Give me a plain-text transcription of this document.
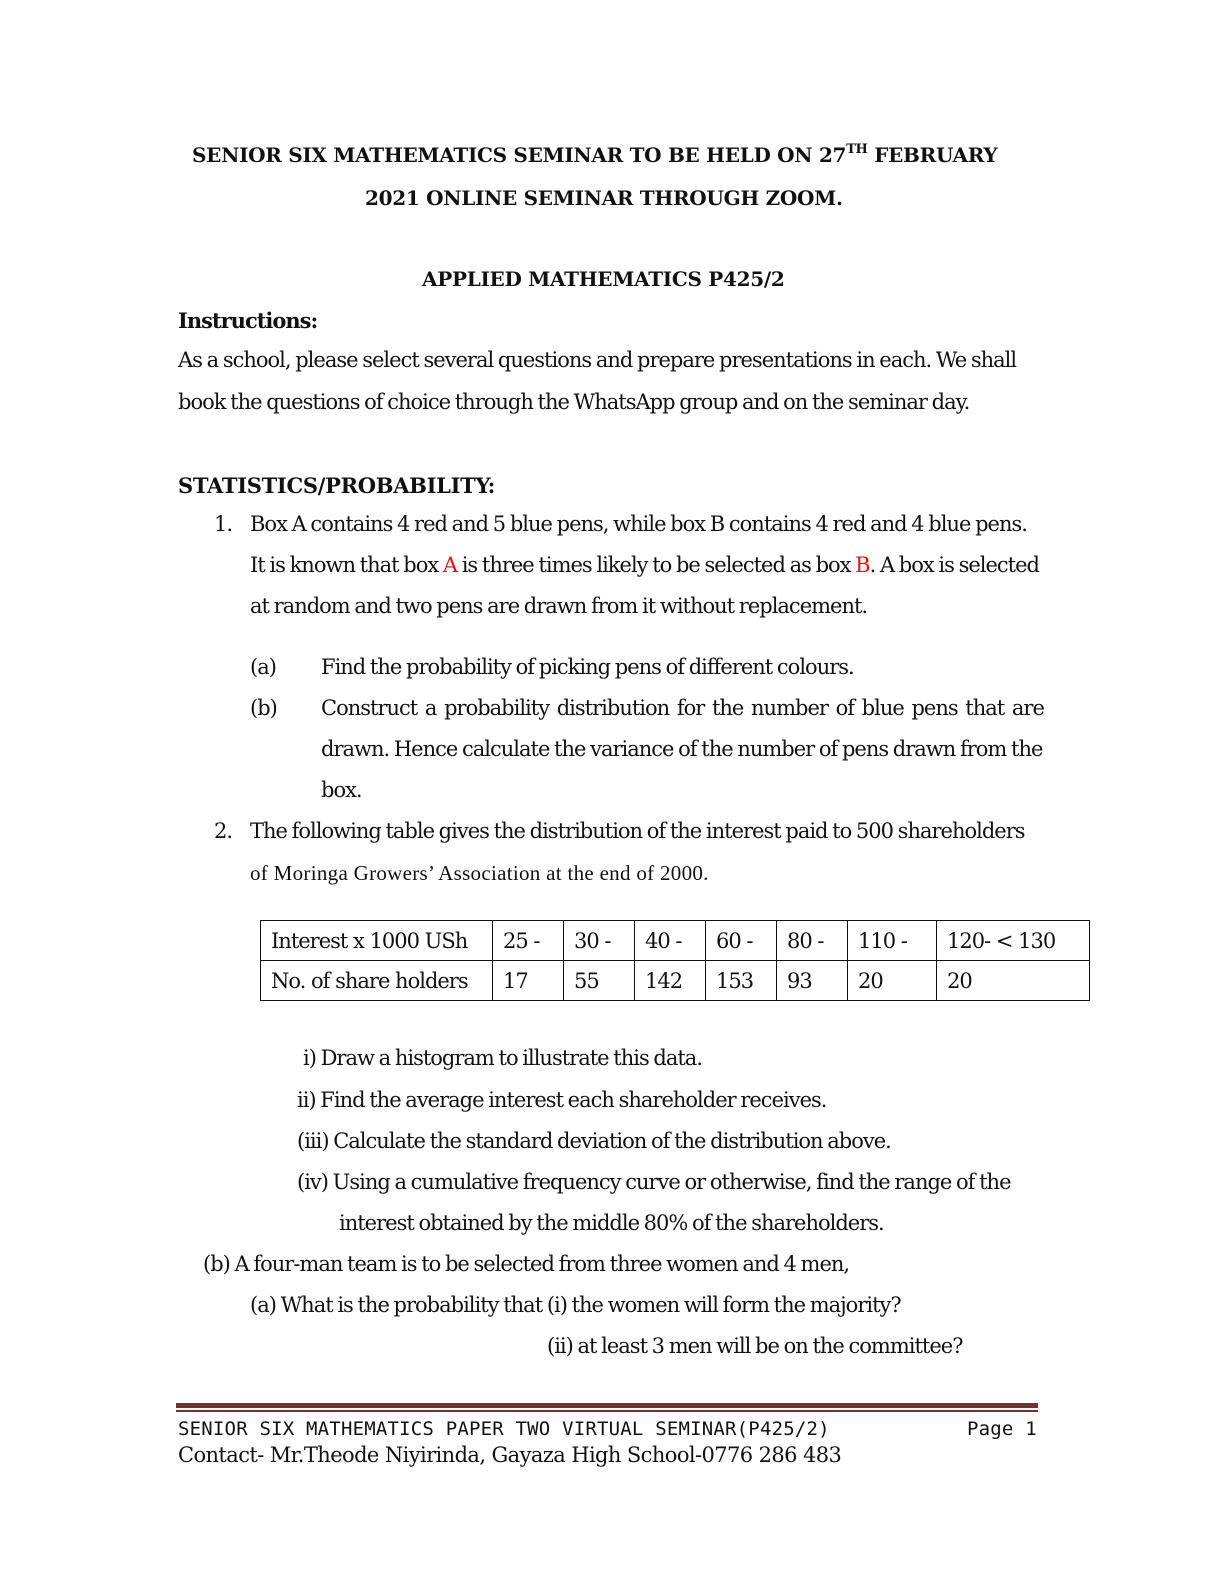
SENIOR SIX MATHEMATICS SEMINAR TO BE HELD ON 27TH FEBRUARY
2021 ONLINE SEMINAR THROUGH ZOOM.
APPLIED MATHEMATICS P425/2
Instructions:
As a school, please select several questions and prepare presentations in each. We shall
book the questions of choice through the WhatsApp group and on the seminar day.
STATISTICS/PROBABILITY:
1. Box A contains 4 red and 5 blue pens, while box B contains 4 red and 4 blue pens.
It is known that box A is three times likely to be selected as box B. A box is selected
at random and two pens are drawn from it without replacement.
(a) Find the probability of picking pens of different colours.
(b) Construct a probability distribution for the number of blue pens that are
drawn. Hence calculate the variance of the number of pens drawn from the
box.
2. The following table gives the distribution of the interest paid to 500 shareholders
of Moringa Growers’ Association at the end of 2000.
Interest x 1000 USh	25 -	30 -	40 -	60 -	80 -	110 -	120- < 130
No. of share holders	17	55	142	153	93	20	20
i) Draw a histogram to illustrate this data.
ii) Find the average interest each shareholder receives.
(iii) Calculate the standard deviation of the distribution above.
(iv) Using a cumulative frequency curve or otherwise, find the range of the
interest obtained by the middle 80% of the shareholders.
(b) A four-man team is to be selected from three women and 4 men,
(a) What is the probability that (i) the women will form the majority?
(ii) at least 3 men will be on the committee?
SENIOR SIX MATHEMATICS PAPER TWO VIRTUAL SEMINAR(P425/2)	Page 1
Contact- Mr.Theode Niyirinda, Gayaza High School-0776 286 483
